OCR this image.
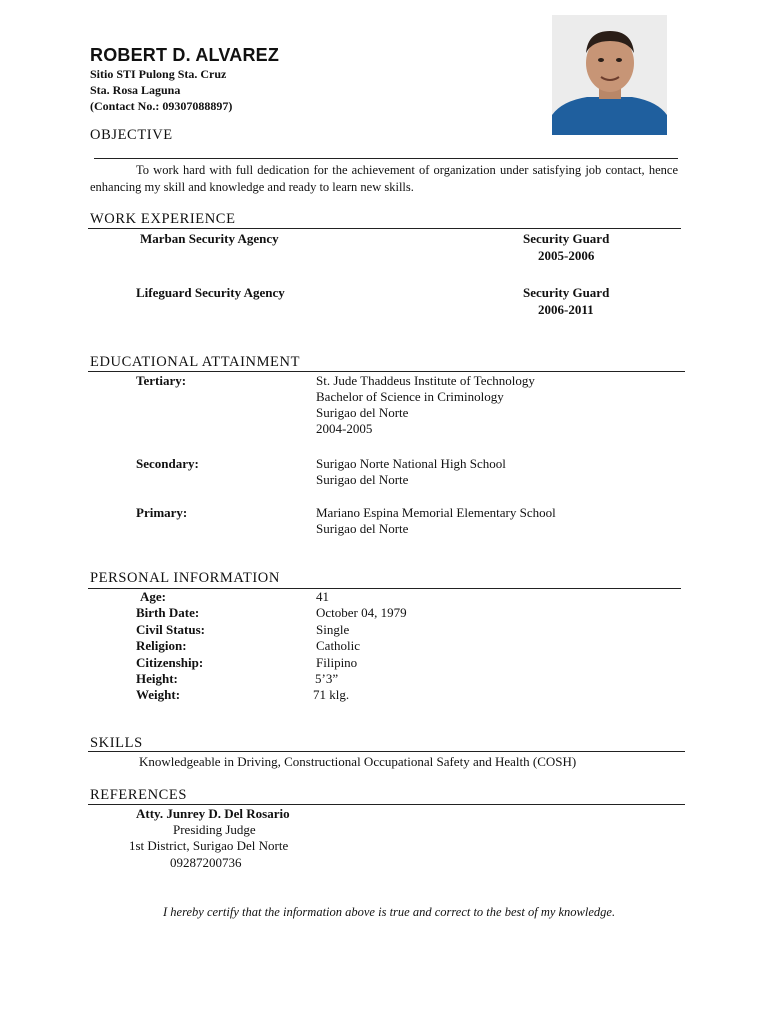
ROBERT D. ALVAREZ
Sitio STI Pulong Sta. Cruz
Sta. Rosa Laguna
(Contact No.: 09307088897)
OBJECTIVE
To work hard with full dedication for the achievement of organization under satisfying job contact, hence enhancing my skill and knowledge and ready to learn new skills.
WORK EXPERIENCE
Marban Security Agency	Security Guard
2005-2006
Lifeguard Security Agency	Security Guard
2006-2011
EDUCATIONAL ATTAINMENT
Tertiary:	St. Jude Thaddeus Institute of Technology
Bachelor of Science in Criminology
Surigao del Norte
2004-2005
Secondary:	Surigao Norte National High School
Surigao del Norte
Primary:	Mariano Espina Memorial Elementary School
Surigao del Norte
PERSONAL INFORMATION
Age:	41
Birth Date:	October 04, 1979
Civil Status:	Single
Religion:	Catholic
Citizenship:	Filipino
Height:	5’3”
Weight:	71 klg.
SKILLS
Knowledgeable in Driving, Constructional Occupational Safety and Health (COSH)
REFERENCES
Atty. Junrey D. Del Rosario
Presiding Judge
1st District, Surigao Del Norte
09287200736
I hereby certify that the information above is true and correct to the best of my knowledge.
